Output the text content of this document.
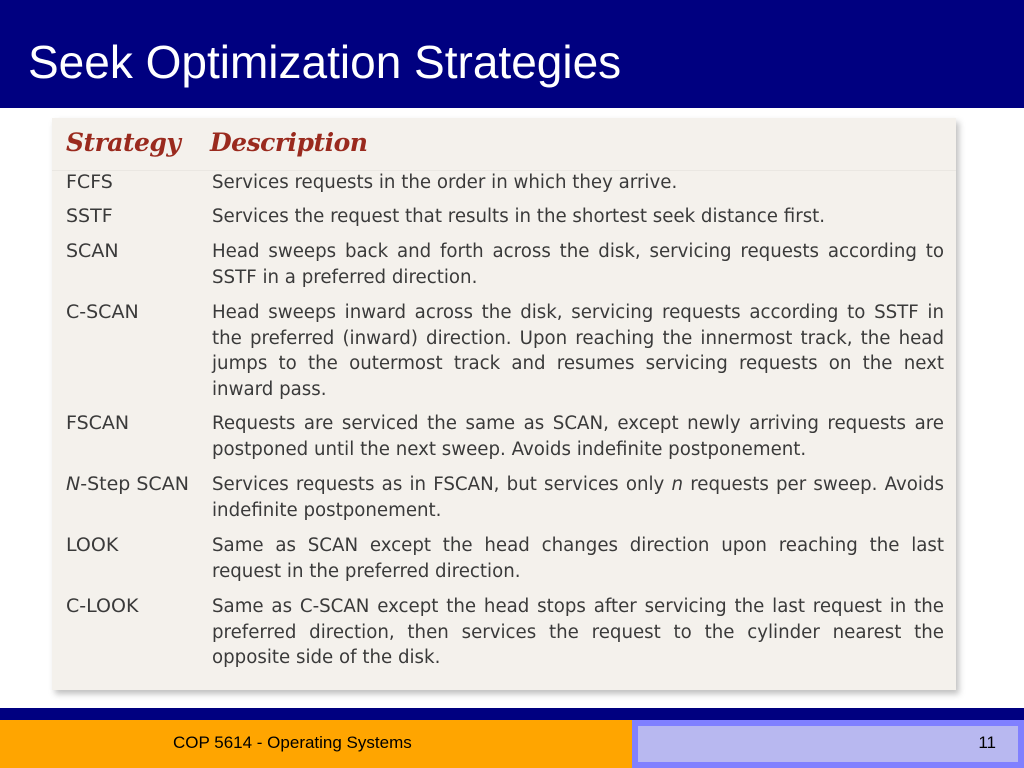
Seek Optimization Strategies
Strategy Description
FCFS	Services requests in the order in which they arrive.
SSTF	Services the request that results in the shortest seek distance first.
SCAN	Head sweeps back and forth across the disk, servicing requests according to SSTF in a preferred direction.
C-SCAN	Head sweeps inward across the disk, servicing requests according to SSTF in the preferred (inward) direction. Upon reaching the innermost track, the head jumps to the outermost track and resumes servicing requests on the next inward pass.
FSCAN	Requests are serviced the same as SCAN, except newly arriving requests are postponed until the next sweep. Avoids indefinite postponement.
N-Step SCAN	Services requests as in FSCAN, but services only n requests per sweep. Avoids indefinite postponement.
LOOK	Same as SCAN except the head changes direction upon reaching the last request in the preferred direction.
C-LOOK	Same as C-SCAN except the head stops after servicing the last request in the preferred direction, then services the request to the cylinder nearest the opposite side of the disk.
COP 5614 - Operating Systems	11
